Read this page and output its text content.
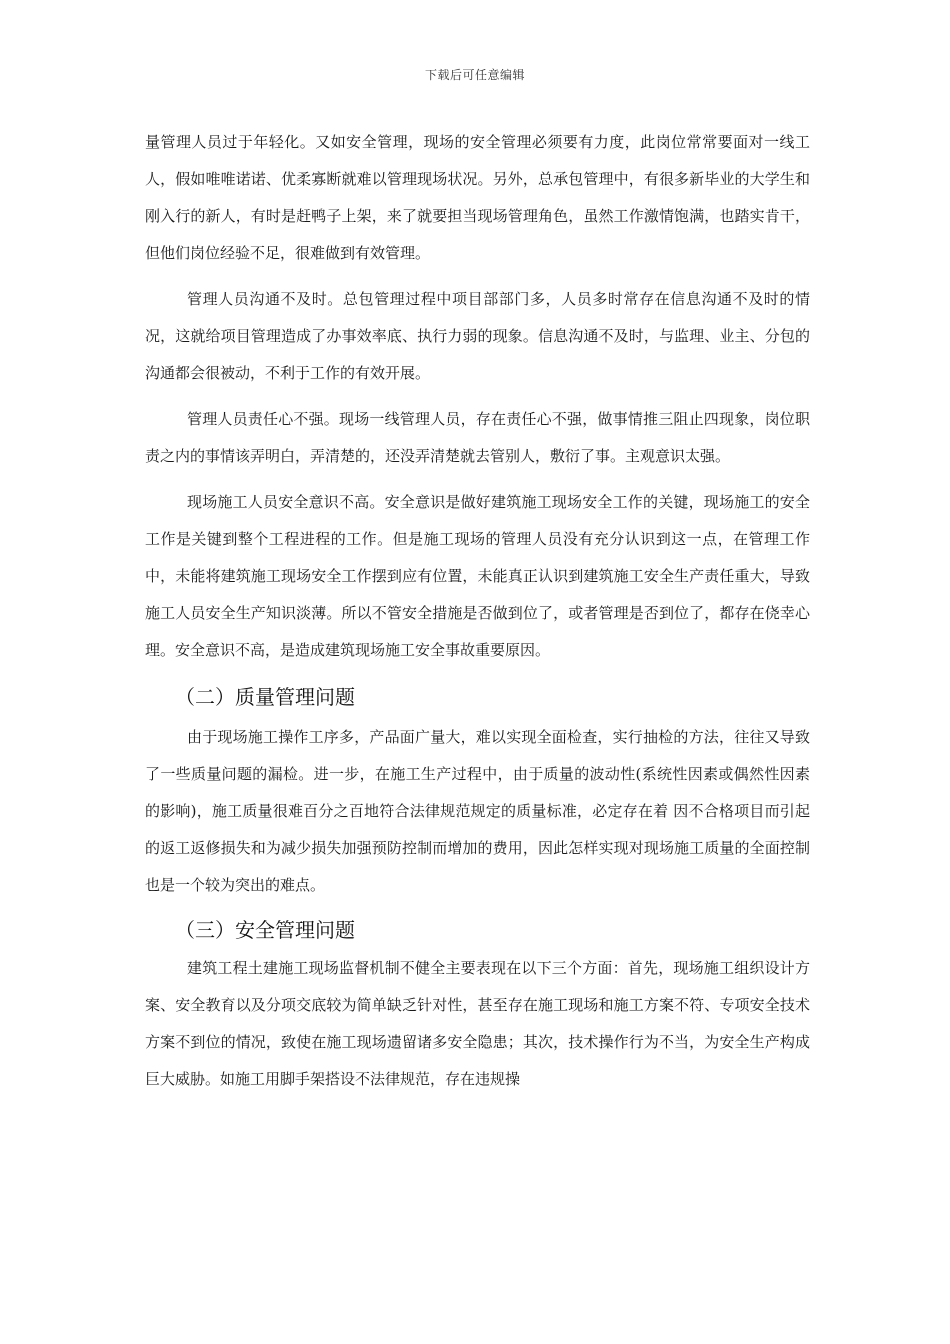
下载后可任意编辑

量管理人员过于年轻化。又如安全管理，现场的安全管理必须要有力度，此岗位常常要面对一线工人，假如唯唯诺诺、优柔寡断就难以管理现场状况。另外，总承包管理中，有很多新毕业的大学生和刚入行的新人，有时是赶鸭子上架，来了就要担当现场管理角色，虽然工作激情饱满，也踏实肯干，但他们岗位经验不足，很难做到有效管理。

管理人员沟通不及时。总包管理过程中项目部部门多，人员多时常存在信息沟通不及时的情况，这就给项目管理造成了办事效率底、执行力弱的现象。信息沟通不及时，与监理、业主、分包的沟通都会很被动，不利于工作的有效开展。

管理人员责任心不强。现场一线管理人员，存在责任心不强，做事情推三阻止四现象，岗位职责之内的事情该弄明白，弄清楚的，还没弄清楚就去管别人，敷衍了事。主观意识太强。

现场施工人员安全意识不高。安全意识是做好建筑施工现场安全工作的关键，现场施工的安全工作是关键到整个工程进程的工作。但是施工现场的管理人员没有充分认识到这一点，在管理工作中，未能将建筑施工现场安全工作摆到应有位置，未能真正认识到建筑施工安全生产责任重大，导致施工人员安全生产知识淡薄。所以不管安全措施是否做到位了，或者管理是否到位了，都存在侥幸心理。安全意识不高，是造成建筑现场施工安全事故重要原因。

（二）质量管理问题

由于现场施工操作工序多，产品面广量大，难以实现全面检查，实行抽检的方法，往往又导致了一些质量问题的漏检。进一步，在施工生产过程中，由于质量的波动性(系统性因素或偶然性因素的影响)，施工质量很难百分之百地符合法律规范规定的质量标准，必定存在着 因不合格项目而引起的返工返修损失和为减少损失加强预防控制而增加的费用，因此怎样实现对现场施工质量的全面控制也是一个较为突出的难点。

（三）安全管理问题

建筑工程土建施工现场监督机制不健全主要表现在以下三个方面：首先，现场施工组织设计方案、安全教育以及分项交底较为简单缺乏针对性，甚至存在施工现场和施工方案不符、专项安全技术方案不到位的情况，致使在施工现场遗留诸多安全隐患；其次，技术操作行为不当，为安全生产构成巨大威胁。如施工用脚手架搭设不法律规范，存在违规操
